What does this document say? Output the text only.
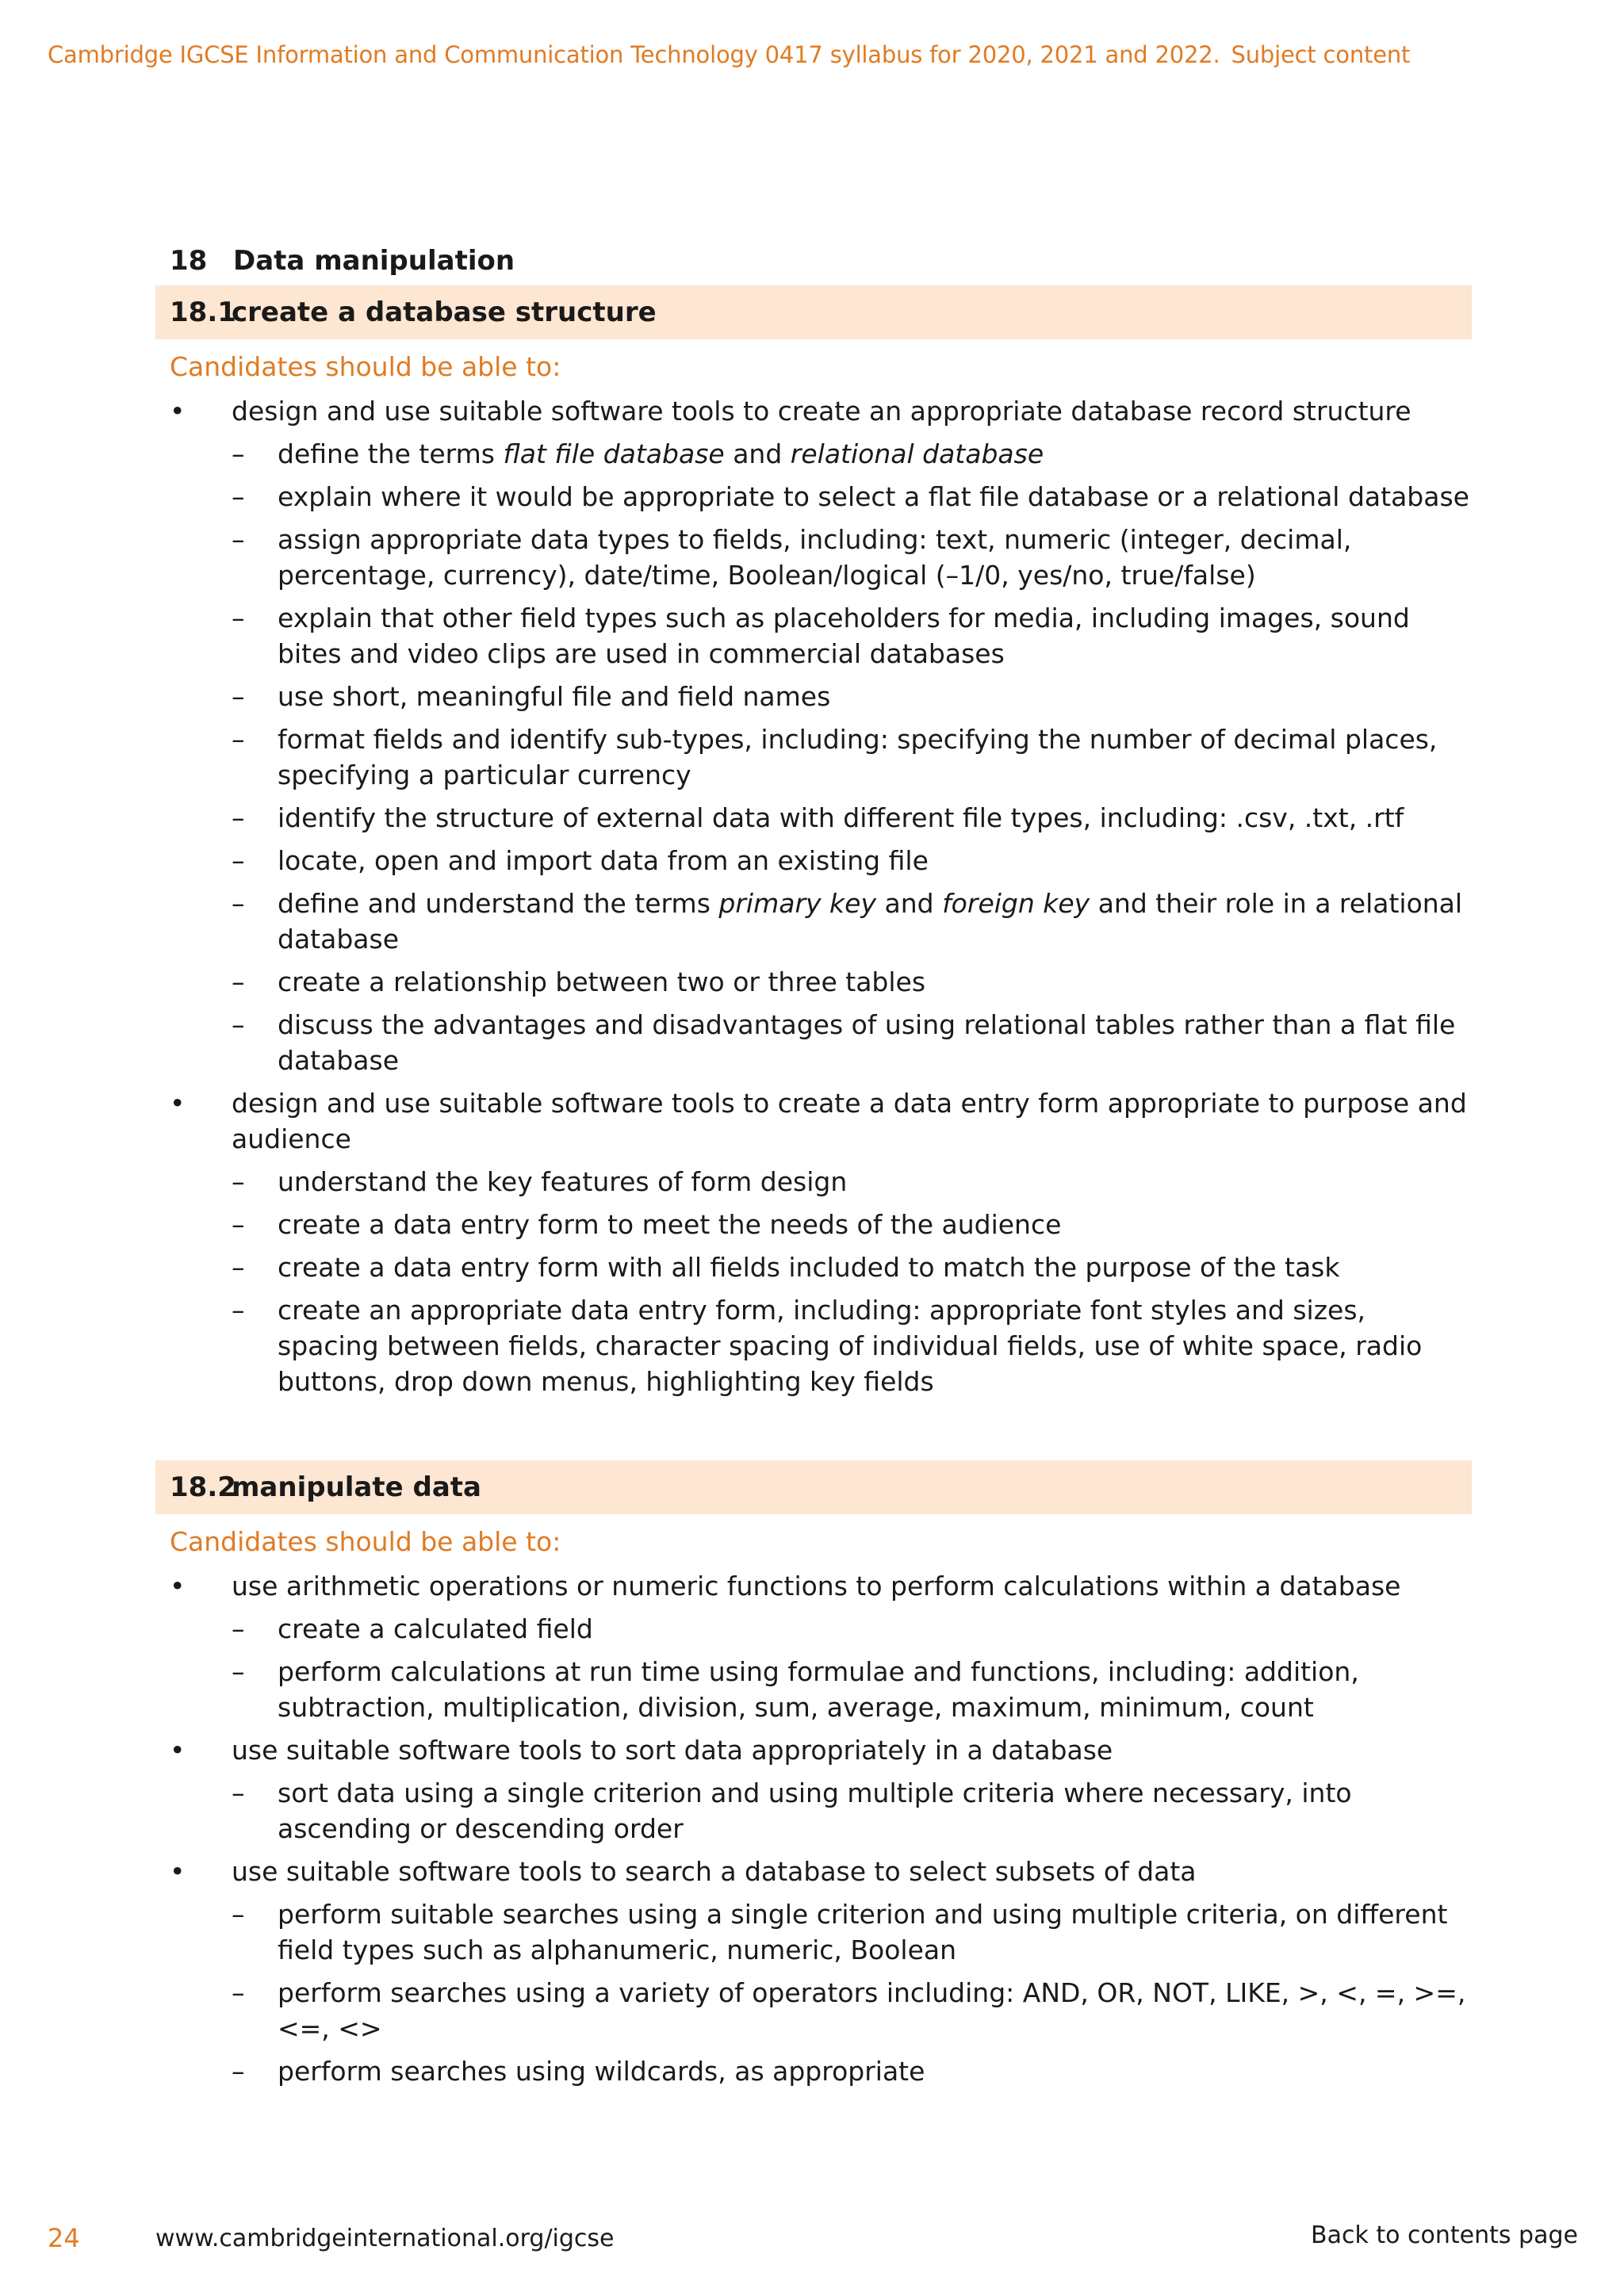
Cambridge IGCSE Information and Communication Technology 0417 syllabus for 2020, 2021 and 2022. Subject content
18 Data manipulation
18.1
create a database structure
Candidates should be able to:
• design and use suitable software tools to create an appropriate database record structure
– define the terms flat file database and relational database
– explain where it would be appropriate to select a flat file database or a relational database
– assign appropriate data types to fields, including: text, numeric (integer, decimal, percentage, currency), date/time, Boolean/logical (–1/0, yes/no, true/false)
– explain that other field types such as placeholders for media, including images, sound bites and video clips are used in commercial databases
– use short, meaningful file and field names
– format fields and identify sub-types, including: specifying the number of decimal places, specifying a particular currency
– identify the structure of external data with different file types, including: .csv, .txt, .rtf
– locate, open and import data from an existing file
– define and understand the terms primary key and foreign key and their role in a relational database
– create a relationship between two or three tables
– discuss the advantages and disadvantages of using relational tables rather than a flat file database
• design and use suitable software tools to create a data entry form appropriate to purpose and audience
– understand the key features of form design
– create a data entry form to meet the needs of the audience
– create a data entry form with all fields included to match the purpose of the task
– create an appropriate data entry form, including: appropriate font styles and sizes, spacing between fields, character spacing of individual fields, use of white space, radio buttons, drop down menus, highlighting key fields
18.2
manipulate data
Candidates should be able to:
• use arithmetic operations or numeric functions to perform calculations within a database
– create a calculated field
– perform calculations at run time using formulae and functions, including: addition, subtraction, multiplication, division, sum, average, maximum, minimum, count
• use suitable software tools to sort data appropriately in a database
– sort data using a single criterion and using multiple criteria where necessary, into ascending or descending order
• use suitable software tools to search a database to select subsets of data
– perform suitable searches using a single criterion and using multiple criteria, on different field types such as alphanumeric, numeric, Boolean
– perform searches using a variety of operators including: AND, OR, NOT, LIKE, >, <, =, >=, <=, <>
– perform searches using wildcards, as appropriate
24	www.cambridgeinternational.org/igcse	Back to contents page
